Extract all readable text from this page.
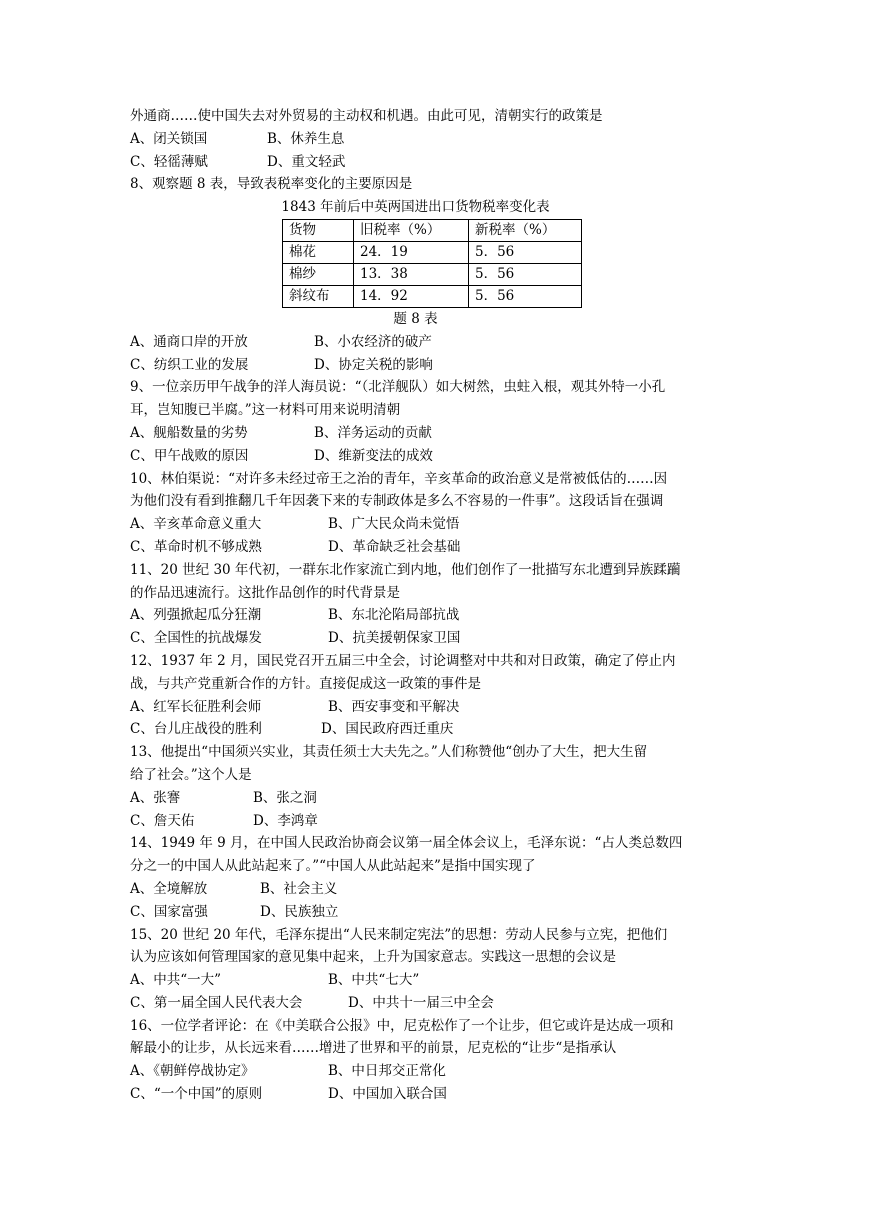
外通商……使中国失去对外贸易的主动权和机遇。由此可见，清朝实行的政策是
A、闭关锁国	B、休养生息
C、轻徭薄赋	D、重文轻武
8、观察题 8 表，导致表税率变化的主要原因是
1843 年前后中英两国进出口货物税率变化表
货物	旧税率（%）	新税率（%）
棉花	24．19	5．56
棉纱	13．38	5．56
斜纹布	14．92	5．56
题 8 表
A、通商口岸的开放	B、小农经济的破产
C、纺织工业的发展	D、协定关税的影响
9、一位亲历甲午战争的洋人海员说：“（北洋舰队）如大树然，虫蛀入根，观其外特一小孔
耳，岂知腹已半腐。”这一材料可用来说明清朝
A、舰船数量的劣势	B、洋务运动的贡献
C、甲午战败的原因	D、维新变法的成效
10、林伯渠说：“对许多未经过帝王之治的青年，辛亥革命的政治意义是常被低估的……因
为他们没有看到推翻几千年因袭下来的专制政体是多么不容易的一件事”。这段话旨在强调
A、辛亥革命意义重大	B、广大民众尚未觉悟
C、革命时机不够成熟	D、革命缺乏社会基础
11、20 世纪 30 年代初，一群东北作家流亡到内地，他们创作了一批描写东北遭到异族蹂躏
的作品迅速流行。这批作品创作的时代背景是
A、列强掀起瓜分狂潮	B、东北沦陷局部抗战
C、全国性的抗战爆发	D、抗美援朝保家卫国
12、1937 年 2 月，国民党召开五届三中全会，讨论调整对中共和对日政策，确定了停止内
战，与共产党重新合作的方针。直接促成这一政策的事件是
A、红军长征胜利会师	B、西安事变和平解决
C、台儿庄战役的胜利	D、国民政府西迁重庆
13、他提出“中国须兴实业，其责任须士大夫先之。”人们称赞他“创办了大生，把大生留
给了社会。”这个人是
A、张謇	B、张之洞
C、詹天佑	D、李鸿章
14、1949 年 9 月，在中国人民政治协商会议第一届全体会议上，毛泽东说：“占人类总数四
分之一的中国人从此站起来了。”“中国人从此站起来”是指中国实现了
A、全境解放	B、社会主义
C、国家富强	D、民族独立
15、20 世纪 20 年代，毛泽东提出“人民来制定宪法”的思想：劳动人民参与立宪，把他们
认为应该如何管理国家的意见集中起来，上升为国家意志。实践这一思想的会议是
A、中共“一大”	B、中共“七大”
C、第一届全国人民代表大会	D、中共十一届三中全会
16、一位学者评论：在《中美联合公报》中，尼克松作了一个让步，但它或许是达成一项和
解最小的让步，从长远来看……增进了世界和平的前景，尼克松的“让步“是指承认
A、《朝鲜停战协定》	B、中日邦交正常化
C、“一个中国”的原则	D、中国加入联合国
